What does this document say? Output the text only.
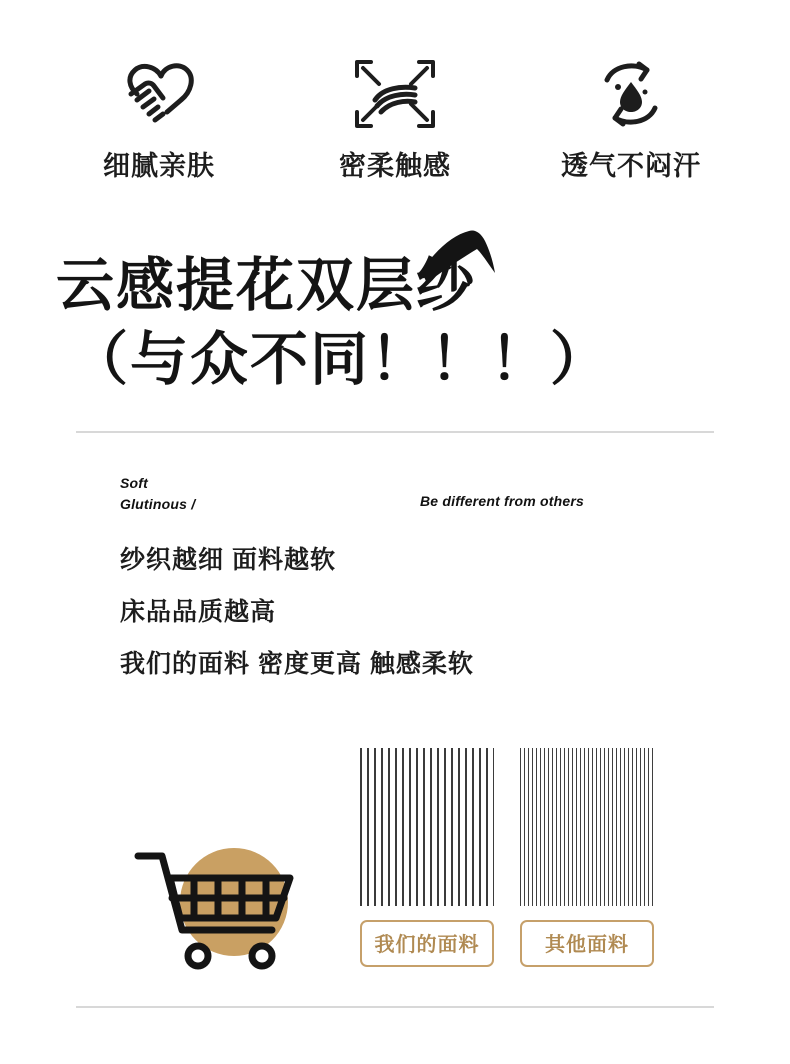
细腻亲肤	密柔触感	透气不闷汗
云感提花双层纱
（与众不同！！！）
Soft
Glutinous /	Be different from others

纱织越细 面料越软

床品品质越高

我们的面料 密度更高 触感柔软

我们的面料	其他面料
